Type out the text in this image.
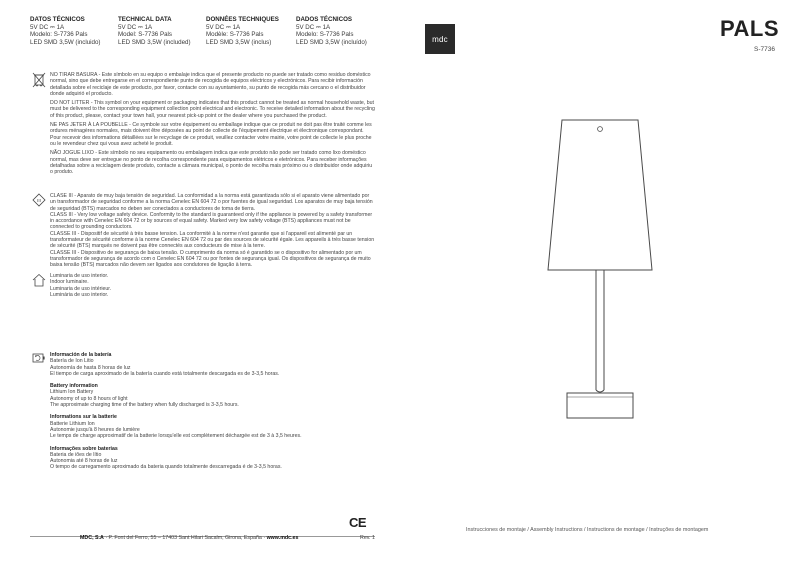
DATOS TÉCNICOS
5V DC ⎓ 1A
Modelo: S-7736 Pals
LED SMD 3,5W (incluido)
TECHNICAL DATA
5V DC ⎓ 1A
Model: S-7736 Pals
LED SMD 3,5W (included)
DONNÉES TECHNIQUES
5V DC ⎓ 1A
Modèle: S-7736 Pals
LED SMD 3,5W (inclus)
DADOS TÉCNICOS
5V DC ⎓ 1A
Modelo: S-7736 Pals
LED SMD 3,5W (incluído)

NO TIRAR BASURA - Este símbolo en su equipo o embalaje indica que el presente producto no puede ser tratado como residuo doméstico normal, sino que debe entregarse en el correspondiente punto de recogida de equipos eléctricos y electrónicos. Para recibir información detallada sobre el reciclaje de este producto, por favor, contacte con su ayuntamiento, su punto de recogida más cercano o el distribuidor donde adquirió el producto.

DO NOT LITTER - This symbol on your equipment or packaging indicates that this product cannot be treated as normal household waste, but must be delivered to the corresponding equipment collection point electrical and electronic. To receive detailed information about the recycling of this product, please, contact your town hall, your nearest pick-up point or the dealer where you purchased the product.

NE PAS JETER À LA POUBELLE - Ce symbole sur votre équipement ou emballage indique que ce produit ne doit pas être traité comme les ordures ménagères normales, mais doivent être déposées au point de collecte de l'équipement électrique et électronique correspondant. Pour recevoir des informations détaillées sur le recyclage de ce produit, veuillez contacter votre mairie, votre point de collecte le plus proche ou le revendeur chez qui vous avez acheté le produit.

NÃO JOGUE LIXO - Este símbolo no seu equipamento ou embalagem indica que este produto não pode ser tratado como lixo doméstico normal, mas deve ser entregue no ponto de recolha correspondente para equipamentos elétricos e eletrónicos. Para receber informações detalhadas sobre a reciclagem deste produto, contacte a câmara municipal, o ponto de recolha mais próximo ou o distribuidor onde adquiriu o produto.

III

CLASE III - Aparato de muy baja tensión de seguridad. La conformidad a la norma está garantizada sólo si el aparato viene alimentado por un transformador de seguridad conforme a la norma Cenelec EN 604 72 o por fuentes de igual seguridad. Los aparatos de muy baja tensión de seguridad (BTS) marcados no deben ser conectados a conductores de toma de tierra.

CLASS III - Very low voltage safety device. Conformity to the standard is guaranteed only if the appliance is powered by a safety transformer in accordance with Cenelec EN 604 72 or by sources of equal safety. Marked very low safety voltage (BTS) appliances must not be connected to grounding conductors.

CLASSE III - Dispositif de sécurité à très basse tension. La conformité à la norme n'est garantie que si l'appareil est alimenté par un transformateur de sécurité conforme à la norme Cenelec EN 604 72 ou par des sources de sécurité égale. Les appareils à très basse tension de sécurité (BTS) marqués ne doivent pas être connectés aux conducteurs de mise à la terre.

CLASSE III - Dispositivo de segurança de baixa tensão. O cumprimento da norma só é garantido se o dispositivo for alimentado por um transformador de segurança de acordo com o Cenelec EN 604 72 ou por fontes de segurança igual. Os dispositivos de segurança de muito baixa tensão (BTS) marcados não devem ser ligados aos condutores de ligação à terra.

Luminaria de uso interior.
Indoor luminaire.
Luminaria de uso intérieur.
Luminária de uso interior.
Información de la batería
Batería de Ion Litio
Autonomía de hasta 8 horas de luz
El tiempo de carga aproximado de la batería cuando está totalmente descargada es de 3-3,5 horas.
Battery information
Lithium Ion Battery
Autonomy of up to 8 hours of light
The approximate charging time of the battery when fully discharged is 3-3,5 hours.
Informations sur la batterie
Batterie Lithium Ion
Autonomie jusqu'à 8 heures de lumière
Le temps de charge approximatif de la batterie lorsqu'elle est complètement déchargée est de 3 à 3,5 heures.
Informações sobre baterias
Bateria de iões de lítio
Autonomia até 8 horas de luz
O tempo de carregamento aproximado da bateria quando totalmente descarregada é de 3-3,5 horas.
CE
MDC, S.A · P. Font del Ferro, 55 – 17403 Sant Hilari Sacalm, Girona, España · www.mdc.es	Rev. 1
mdc	PALS
S-7736
Instrucciones de montaje / Assembly Instructions / Instructions de montage / Instruções de montagem
